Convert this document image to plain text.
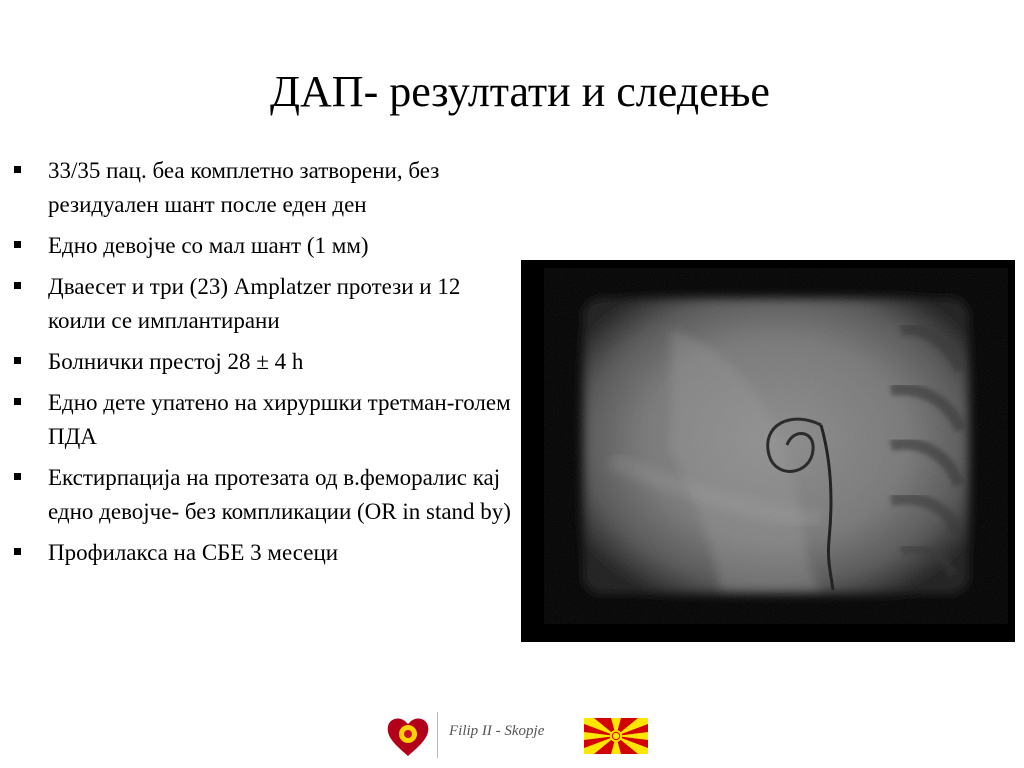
ДАП- резултати и следење
33/35 пац. беа комплетно затворени, без резидуален шант после еден ден
Едно девојче со мал шант (1 мм)
Дваесет и три (23) Amplatzer протези и 12 коили се имплантирани
Болнички престој 28 ± 4 h
Едно дете упатено на хируршки третман-голем ПДА
Екстирпација на протезата од в.феморалис кај едно девојче- без компликации (OR in stand by)
Профилакса на СБЕ 3 месеци
Filip II - Skopje
